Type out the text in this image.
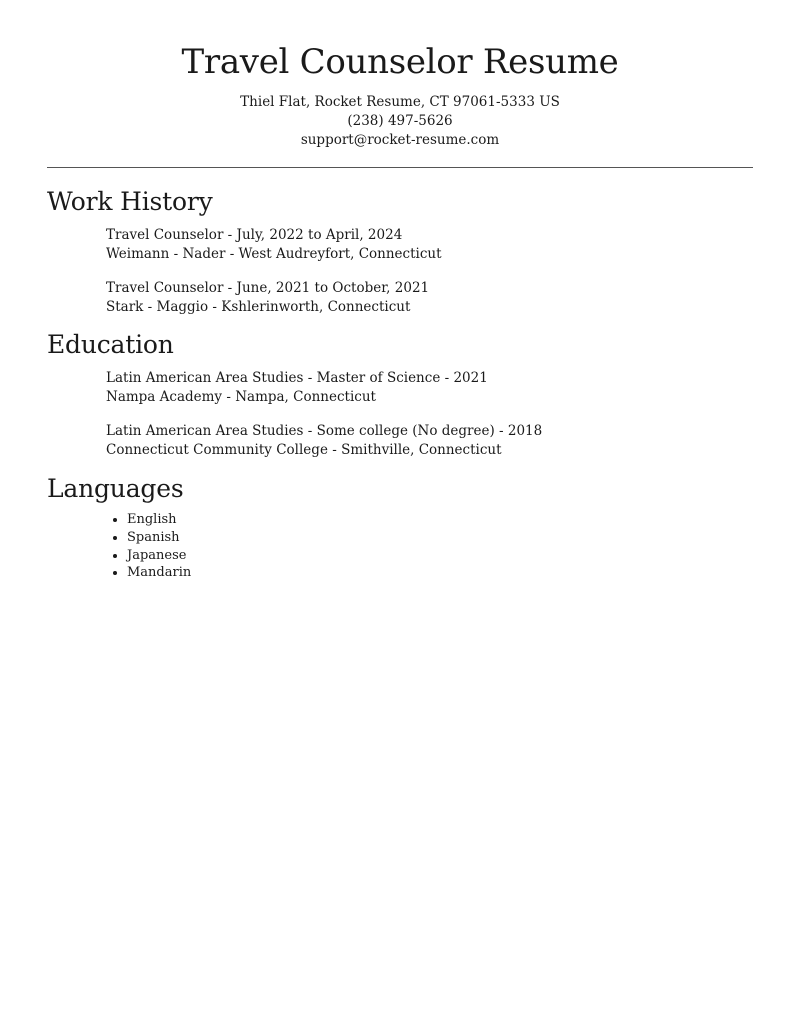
Travel Counselor Resume
Thiel Flat, Rocket Resume, CT 97061-5333 US
(238) 497-5626
support@rocket-resume.com
Work History
Travel Counselor - July, 2022 to April, 2024
Weimann - Nader - West Audreyfort, Connecticut
Travel Counselor - June, 2021 to October, 2021
Stark - Maggio - Kshlerinworth, Connecticut
Education
Latin American Area Studies - Master of Science - 2021
Nampa Academy - Nampa, Connecticut
Latin American Area Studies - Some college (No degree) - 2018
Connecticut Community College - Smithville, Connecticut
Languages
• English
• Spanish
• Japanese
• Mandarin
